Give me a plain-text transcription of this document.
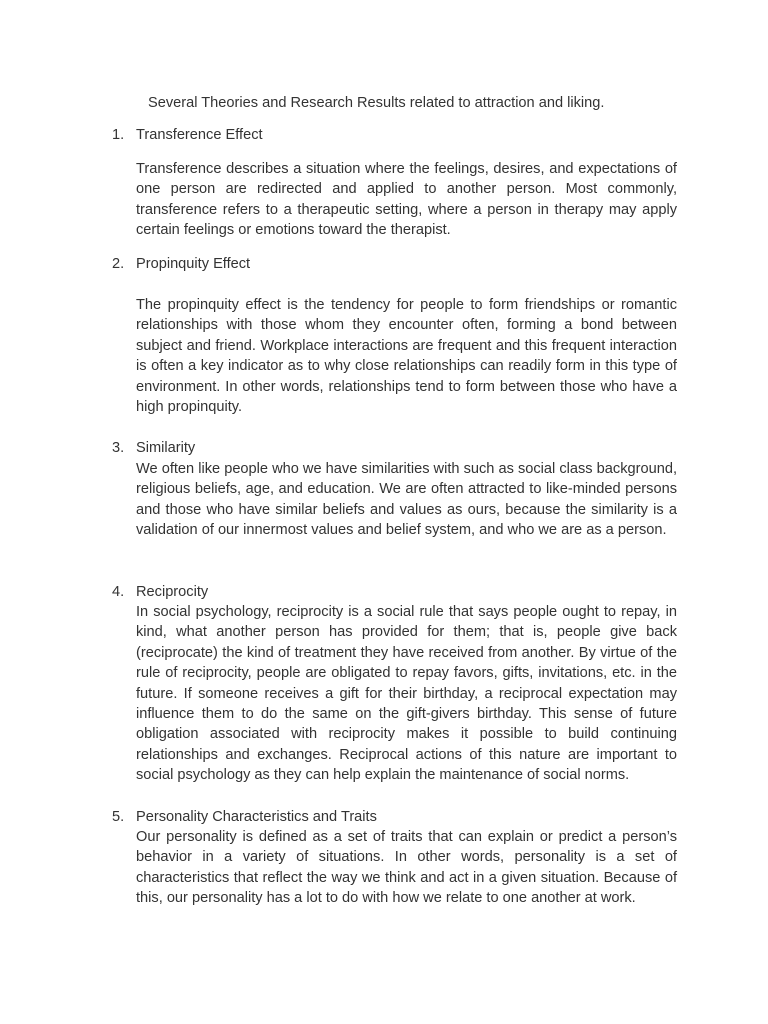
Several Theories and Research Results related to attraction and liking.
1. Transference Effect
Transference describes a situation where the feelings, desires, and expectations of one person are redirected and applied to another person. Most commonly, transference refers to a therapeutic setting, where a person in therapy may apply certain feelings or emotions toward the therapist.
2. Propinquity Effect
The propinquity effect is the tendency for people to form friendships or romantic relationships with those whom they encounter often, forming a bond between subject and friend. Workplace interactions are frequent and this frequent interaction is often a key indicator as to why close relationships can readily form in this type of environment. In other words, relationships tend to form between those who have a high propinquity.
3. Similarity
We often like people who we have similarities with such as social class background, religious beliefs, age, and education. We are often attracted to like-minded persons and those who have similar beliefs and values as ours, because the similarity is a validation of our innermost values and belief system, and who we are as a person.
4. Reciprocity
In social psychology, reciprocity is a social rule that says people ought to repay, in kind, what another person has provided for them; that is, people give back (reciprocate) the kind of treatment they have received from another. By virtue of the rule of reciprocity, people are obligated to repay favors, gifts, invitations, etc. in the future. If someone receives a gift for their birthday, a reciprocal expectation may influence them to do the same on the gift-givers birthday. This sense of future obligation associated with reciprocity makes it possible to build continuing relationships and exchanges. Reciprocal actions of this nature are important to social psychology as they can help explain the maintenance of social norms.
5. Personality Characteristics and Traits
Our personality is defined as a set of traits that can explain or predict a person’s behavior in a variety of situations. In other words, personality is a set of characteristics that reflect the way we think and act in a given situation. Because of this, our personality has a lot to do with how we relate to one another at work.
